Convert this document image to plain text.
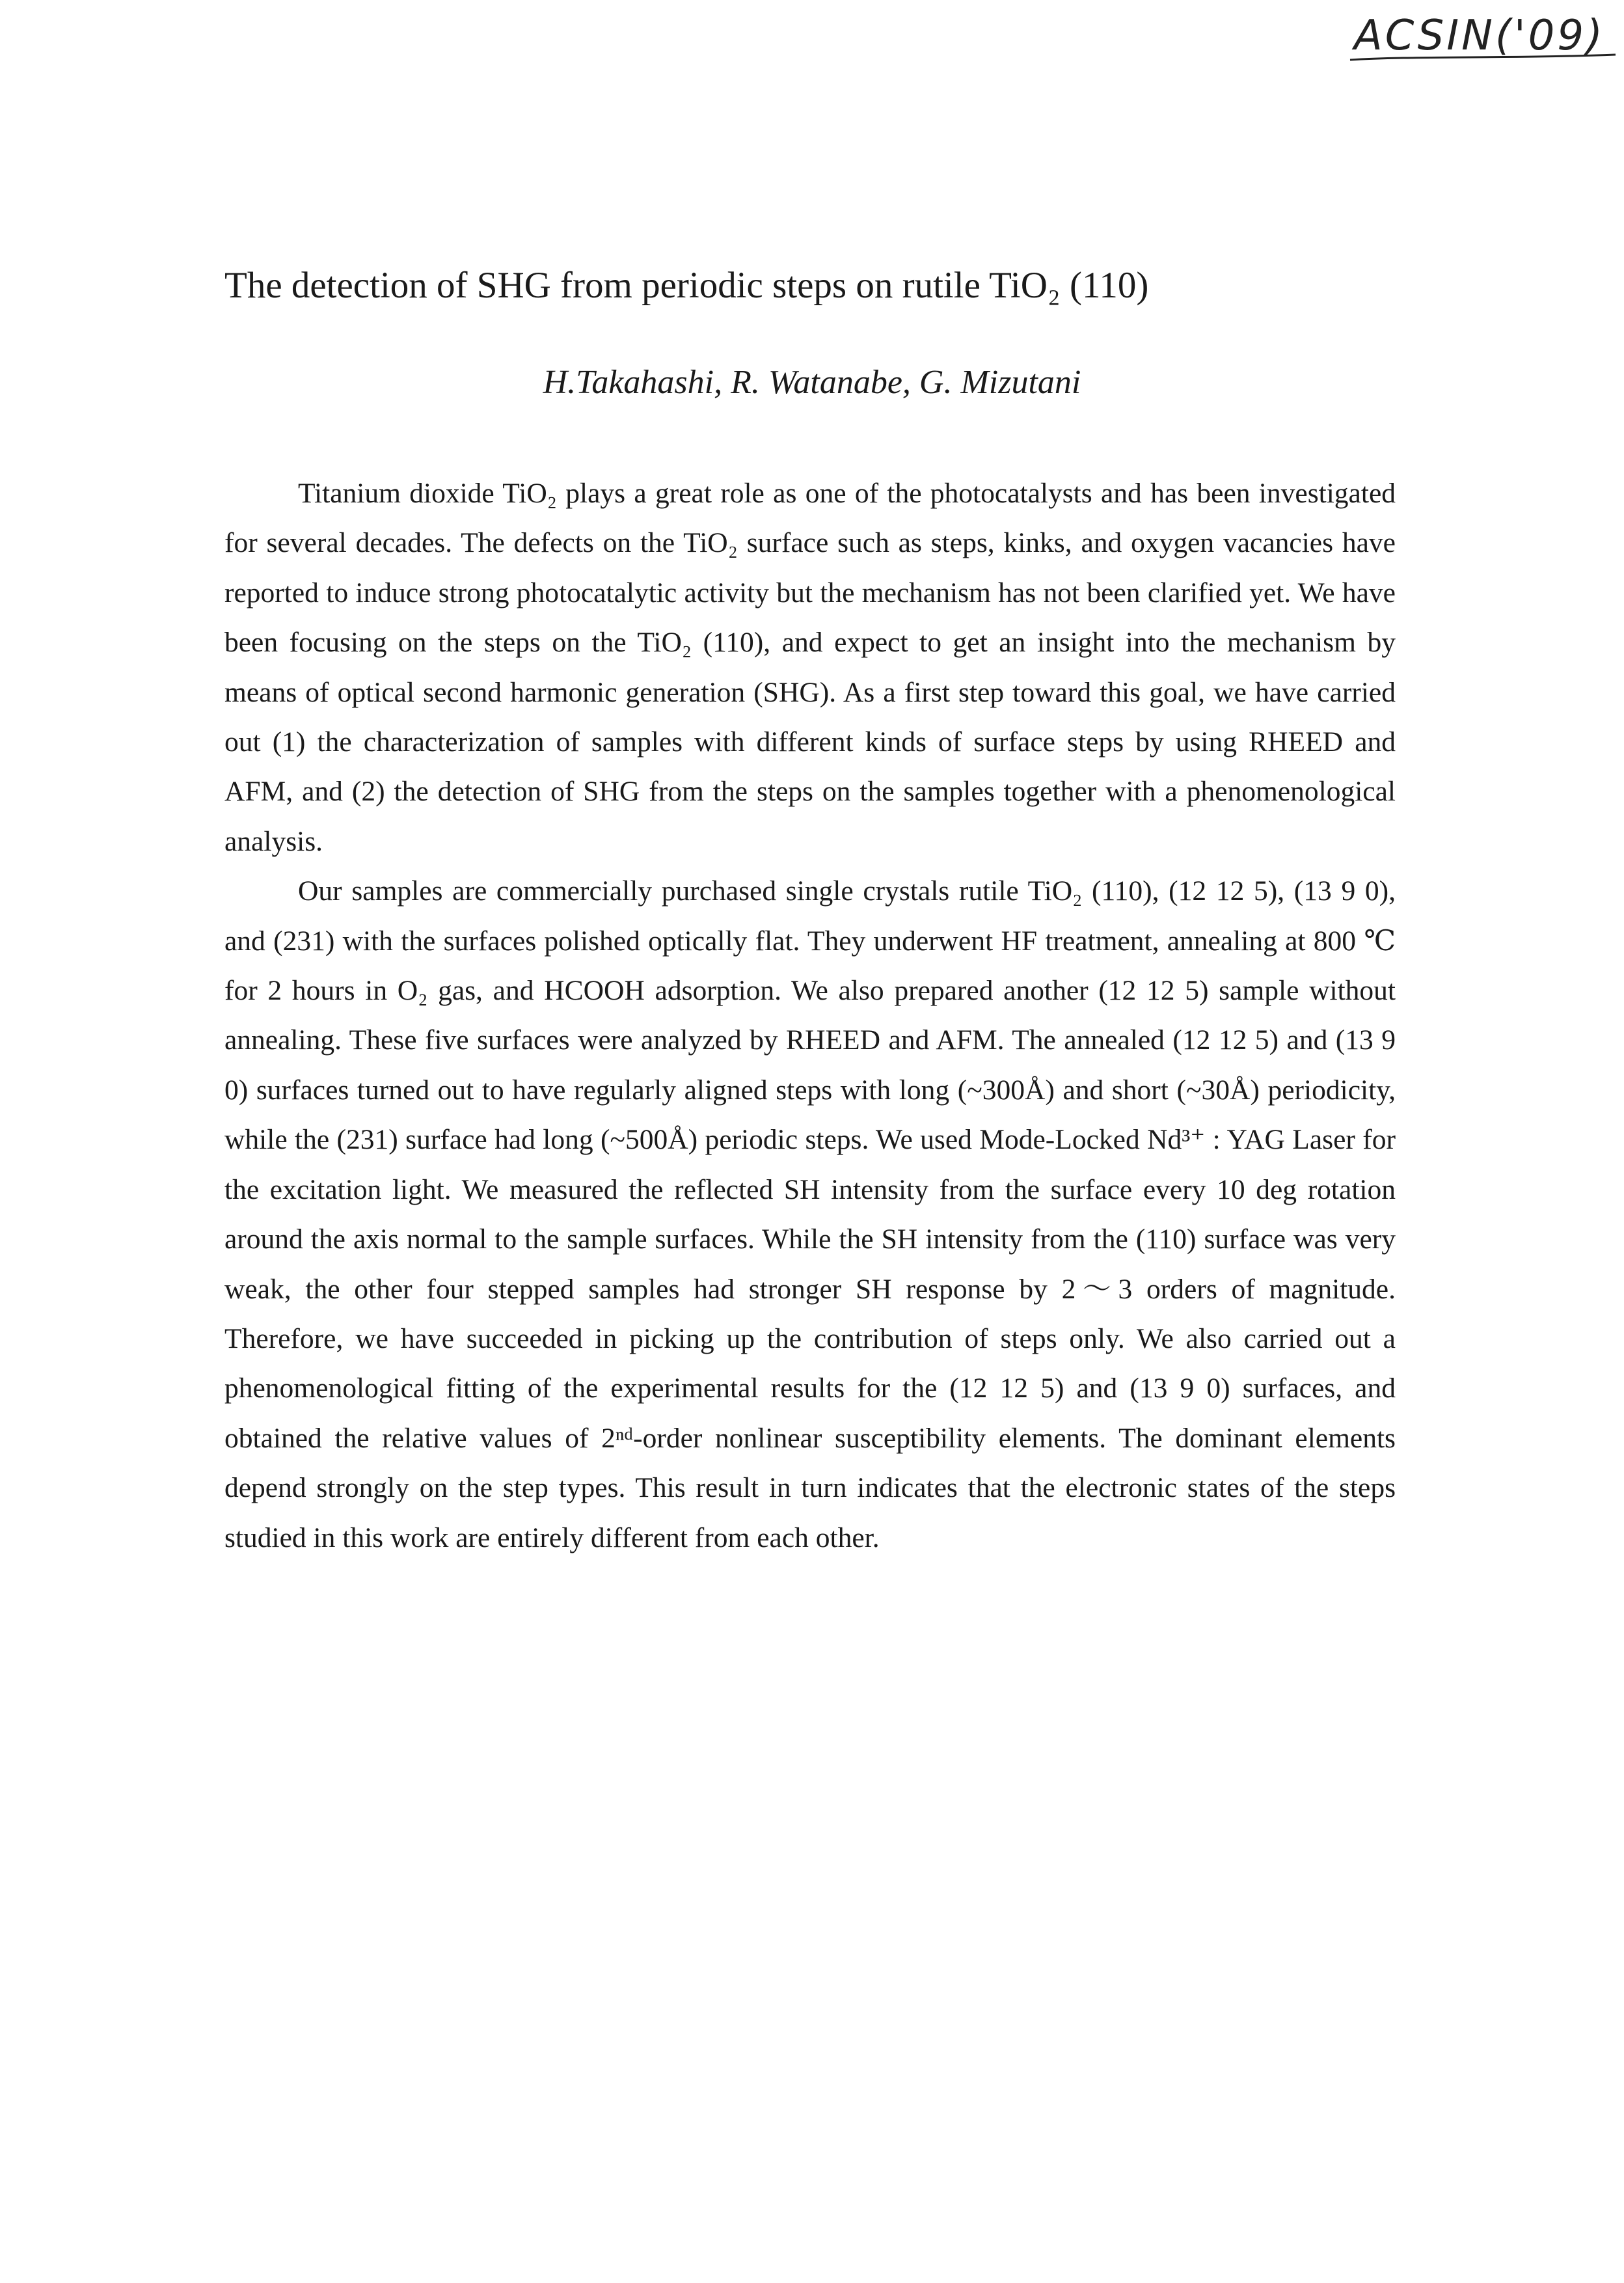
ACSIN('09)
The detection of SHG from periodic steps on rutile TiO₂ (110)

H.Takahashi, R. Watanabe, G. Mizutani

Titanium dioxide TiO₂ plays a great role as one of the photocatalysts and has been investigated for several decades. The defects on the TiO₂ surface such as steps, kinks, and oxygen vacancies have reported to induce strong photocatalytic activity but the mechanism has not been clarified yet. We have been focusing on the steps on the TiO₂ (110), and expect to get an insight into the mechanism by means of optical second harmonic generation (SHG). As a first step toward this goal, we have carried out (1) the characterization of samples with different kinds of surface steps by using RHEED and AFM, and (2) the detection of SHG from the steps on the samples together with a phenomenological analysis.

Our samples are commercially purchased single crystals rutile TiO₂ (110), (12 12 5), (13 9 0), and (231) with the surfaces polished optically flat. They underwent HF treatment, annealing at 800 ℃ for 2 hours in O₂ gas, and HCOOH adsorption. We also prepared another (12 12 5) sample without annealing. These five surfaces were analyzed by RHEED and AFM. The annealed (12 12 5) and (13 9 0) surfaces turned out to have regularly aligned steps with long (~300Å) and short (~30Å) periodicity, while the (231) surface had long (~500Å) periodic steps. We used Mode-Locked Nd³⁺ : YAG Laser for the excitation light. We measured the reflected SH intensity from the surface every 10 deg rotation around the axis normal to the sample surfaces. While the SH intensity from the (110) surface was very weak, the other four stepped samples had stronger SH response by 2～3 orders of magnitude. Therefore, we have succeeded in picking up the contribution of steps only. We also carried out a phenomenological fitting of the experimental results for the (12 12 5) and (13 9 0) surfaces, and obtained the relative values of 2ⁿᵈ-order nonlinear susceptibility elements. The dominant elements depend strongly on the step types. This result in turn indicates that the electronic states of the steps studied in this work are entirely different from each other.
